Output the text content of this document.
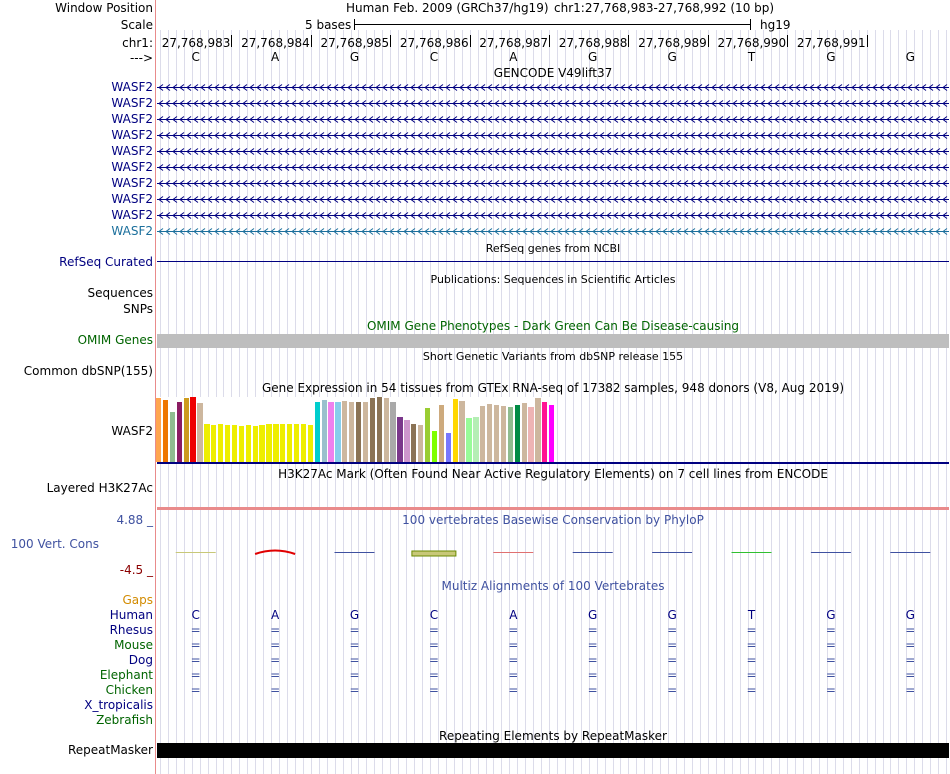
Window Position	Human Feb. 2009 (GRCh37/hg19) chr1:27,768,983-27,768,992 (10 bp)
Scale	5 bases	hg19
chr1: 27,768,983 27,768,984 27,768,985 27,768,986 27,768,987 27,768,988 27,768,989 27,768,990 27,768,991
--->	C	A	G	C	A	G	G	T	G	G
GENCODE V49lift37
WASF2
WASF2
WASF2
WASF2
WASF2
WASF2
WASF2
WASF2
WASF2
WASF2
RefSeq genes from NCBI
RefSeq Curated
Publications: Sequences in Scientific Articles
Sequences
SNPs
OMIM Gene Phenotypes - Dark Green Can Be Disease-causing
OMIM Genes
Short Genetic Variants from dbSNP release 155
Common dbSNP(155)
Gene Expression in 54 tissues from GTEx RNA-seq of 17382 samples, 948 donors (V8, Aug 2019)
WASF2
H3K27Ac Mark (Often Found Near Active Regulatory Elements) on 7 cell lines from ENCODE
Layered H3K27Ac
100 vertebrates Basewise Conservation by PhyloP
4.88 _
100 Vert. Cons
-4.5 _
Multiz Alignments of 100 Vertebrates
Gaps
Human	C	A	G	C	A	G	G	T	G	G
Rhesus	=	=	=	=	=	=	=	=	=	=
Mouse	=	=	=	=	=	=	=	=	=	=
Dog	=	=	=	=	=	=	=	=	=	=
Elephant	=	=	=	=	=	=	=	=	=	=
Chicken	=	=	=	=	=	=	=	=	=	=
X_tropicalis
Zebrafish
Repeating Elements by RepeatMasker
RepeatMasker
